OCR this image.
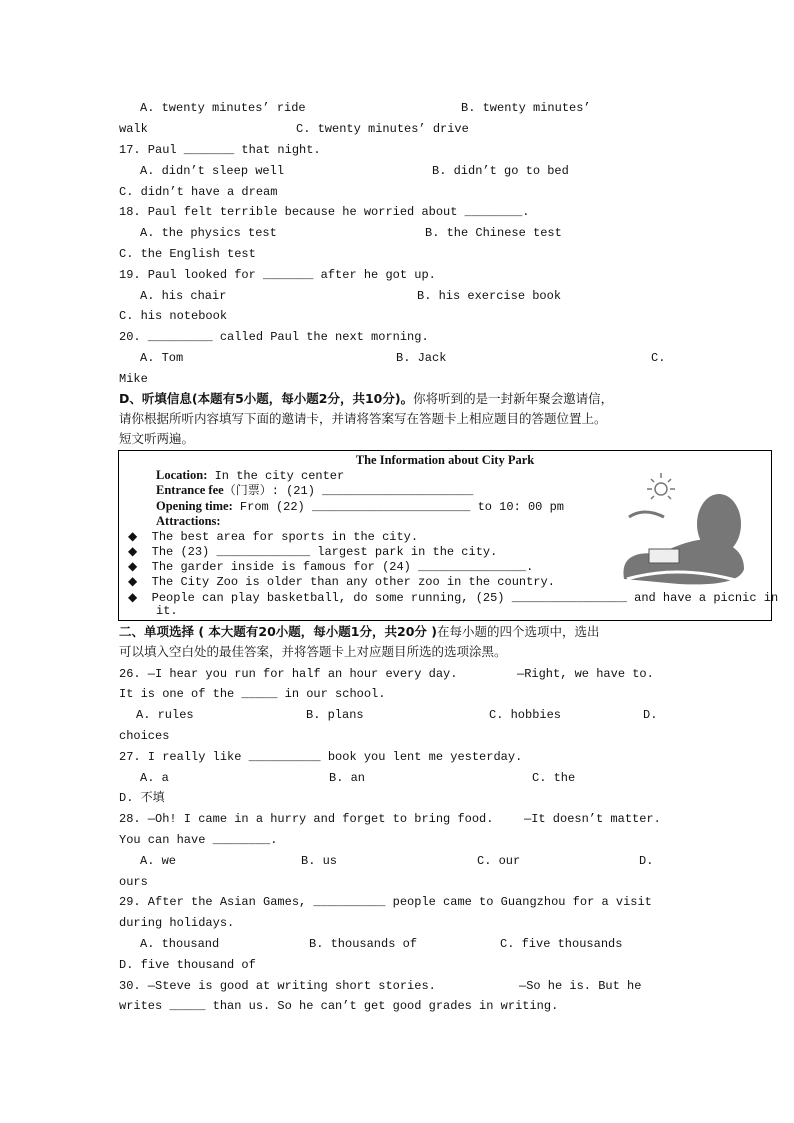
A. twenty minutes’ ride	B. twenty minutes’
walk	C. twenty minutes’ drive
17. Paul _______ that night.
A. didn’t sleep well	B. didn’t go to bed
C. didn’t have a dream
18. Paul felt terrible because he worried about ________.
A. the physics test	B. the Chinese test
C. the English test
19. Paul looked for _______ after he got up.
A. his chair	B. his exercise book
C. his notebook
20. _________ called Paul the next morning.
A. Tom	B. Jack	C.
Mike
D、听填信息(本题有5小题，每小题2分，共10分)。你将听到的是一封新年聚会邀请信，
请你根据所听内容填写下面的邀请卡，并请将答案写在答题卡上相应题目的答题位置上。
短文听两遍。
The Information about City Park
Location: In the city center
Entrance fee（门票）: (21) _____________________
Opening time: From (22) ______________________ to 10: 00 pm
Attractions:
◆ The best area for sports in the city.
◆ The (23) _____________ largest park in the city.
◆ The garder inside is famous for (24) _______________.
◆ The City Zoo is older than any other zoo in the country.
◆ People can play basketball, do some running, (25) ________________ and have a picnic in
it.
二、单项选择 ( 本大题有20小题，每小题1分，共20分 )在每小题的四个选项中，选出
可以填入空白处的最佳答案，并将答题卡上对应题目所选的选项涂黑。
26. —I hear you run for half an hour every day.	—Right, we have to.
It is one of the _____ in our school.
A. rules	B. plans	C. hobbies	D.
choices
27. I really like __________ book you lent me yesterday.
A. a	B. an	C. the
D. 不填
28. —Oh! I came in a hurry and forget to bring food.	—It doesn’t matter.
You can have ________.
A. we	B. us	C. our	D.
ours
29. After the Asian Games, __________ people came to Guangzhou for a visit
during holidays.
A. thousand	B. thousands of	C. five thousands
D. five thousand of
30. —Steve is good at writing short stories.	—So he is. But he
writes _____ than us. So he can’t get good grades in writing.
